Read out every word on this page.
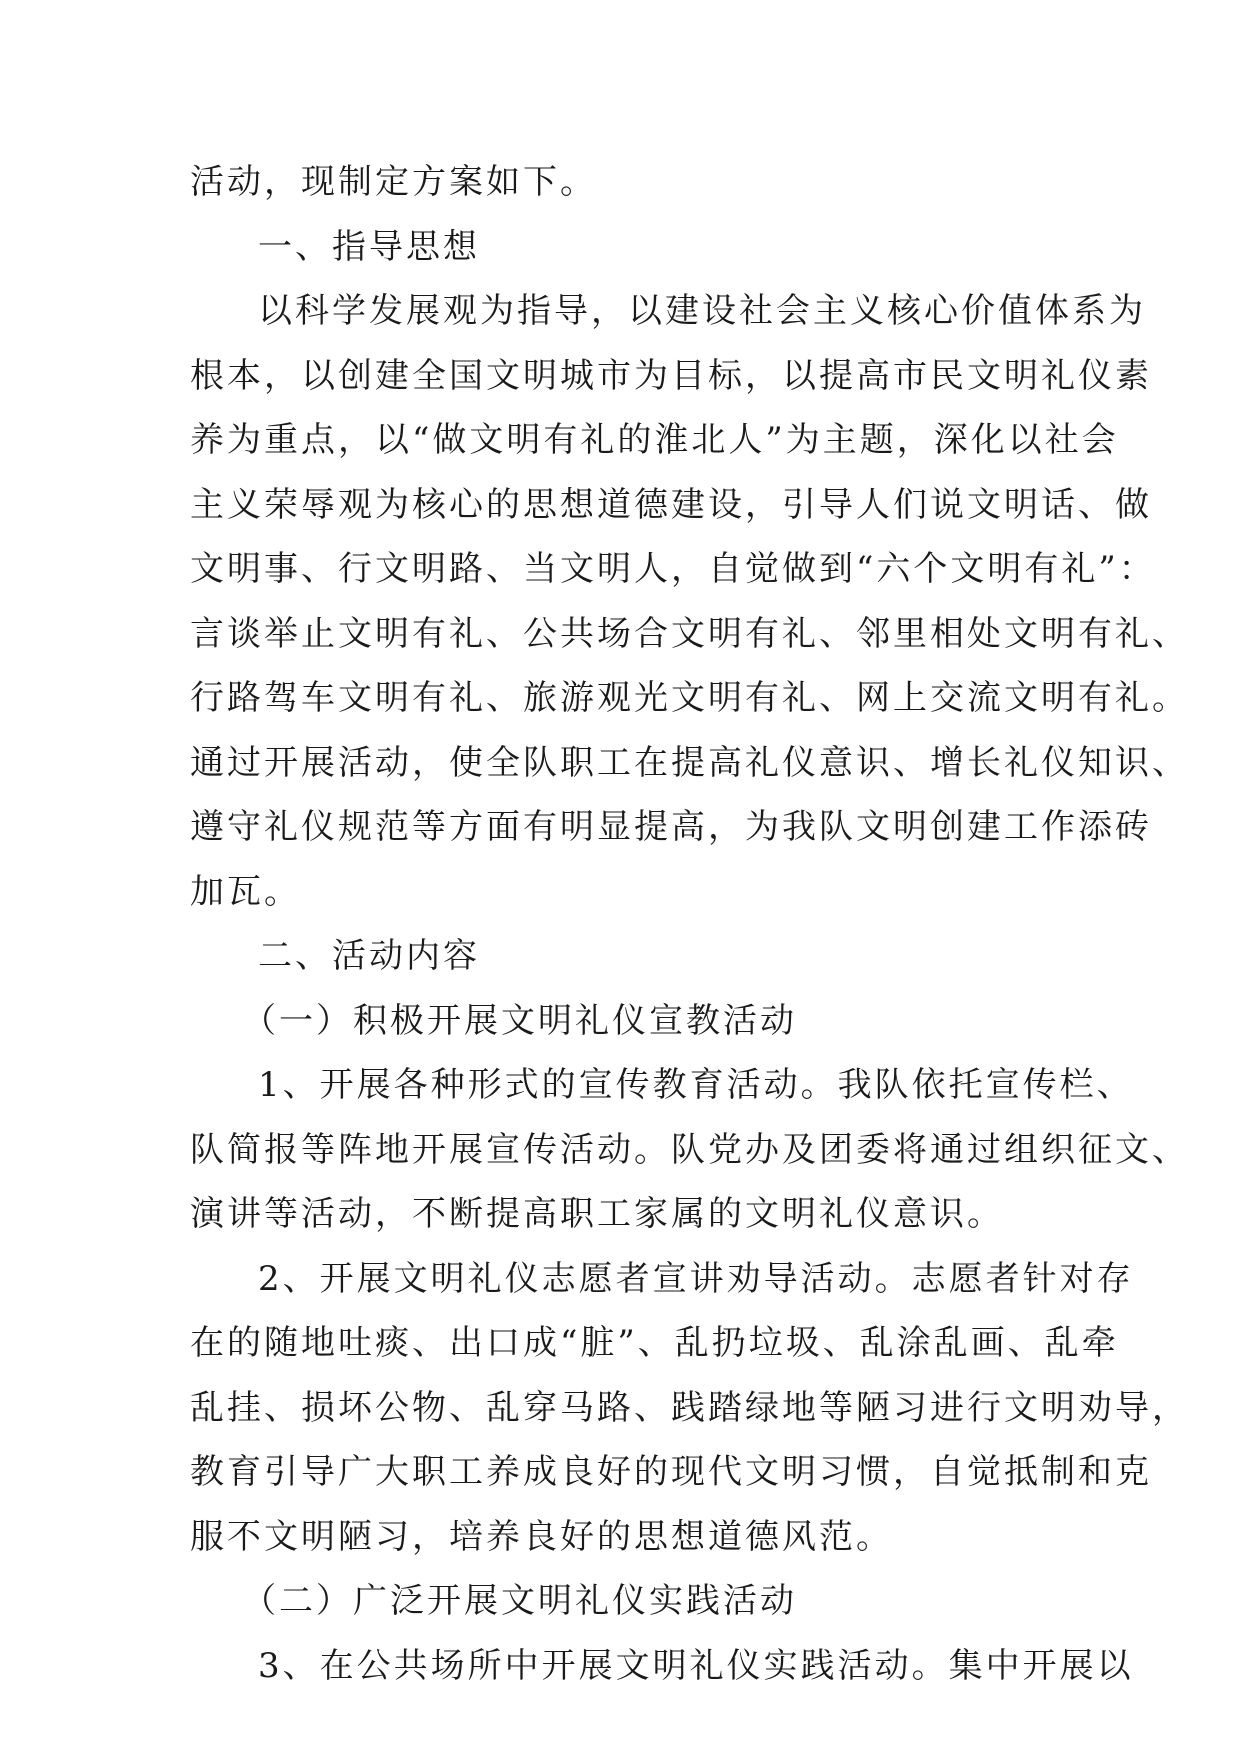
活动，现制定方案如下。
一、指导思想
以科学发展观为指导，以建设社会主义核心价值体系为
根本，以创建全国文明城市为目标，以提高市民文明礼仪素
养为重点，以“做文明有礼的淮北人”为主题，深化以社会
主义荣辱观为核心的思想道德建设，引导人们说文明话、做
文明事、行文明路、当文明人，自觉做到“六个文明有礼”：
言谈举止文明有礼、公共场合文明有礼、邻里相处文明有礼、
行路驾车文明有礼、旅游观光文明有礼、网上交流文明有礼。
通过开展活动，使全队职工在提高礼仪意识、增长礼仪知识、
遵守礼仪规范等方面有明显提高，为我队文明创建工作添砖
加瓦。
二、活动内容
（一）积极开展文明礼仪宣教活动
1、开展各种形式的宣传教育活动。我队依托宣传栏、
队简报等阵地开展宣传活动。队党办及团委将通过组织征文、
演讲等活动，不断提高职工家属的文明礼仪意识。
2、开展文明礼仪志愿者宣讲劝导活动。志愿者针对存
在的随地吐痰、出口成“脏”、乱扔垃圾、乱涂乱画、乱牵
乱挂、损坏公物、乱穿马路、践踏绿地等陋习进行文明劝导，
教育引导广大职工养成良好的现代文明习惯，自觉抵制和克
服不文明陋习，培养良好的思想道德风范。
（二）广泛开展文明礼仪实践活动
3、在公共场所中开展文明礼仪实践活动。集中开展以
